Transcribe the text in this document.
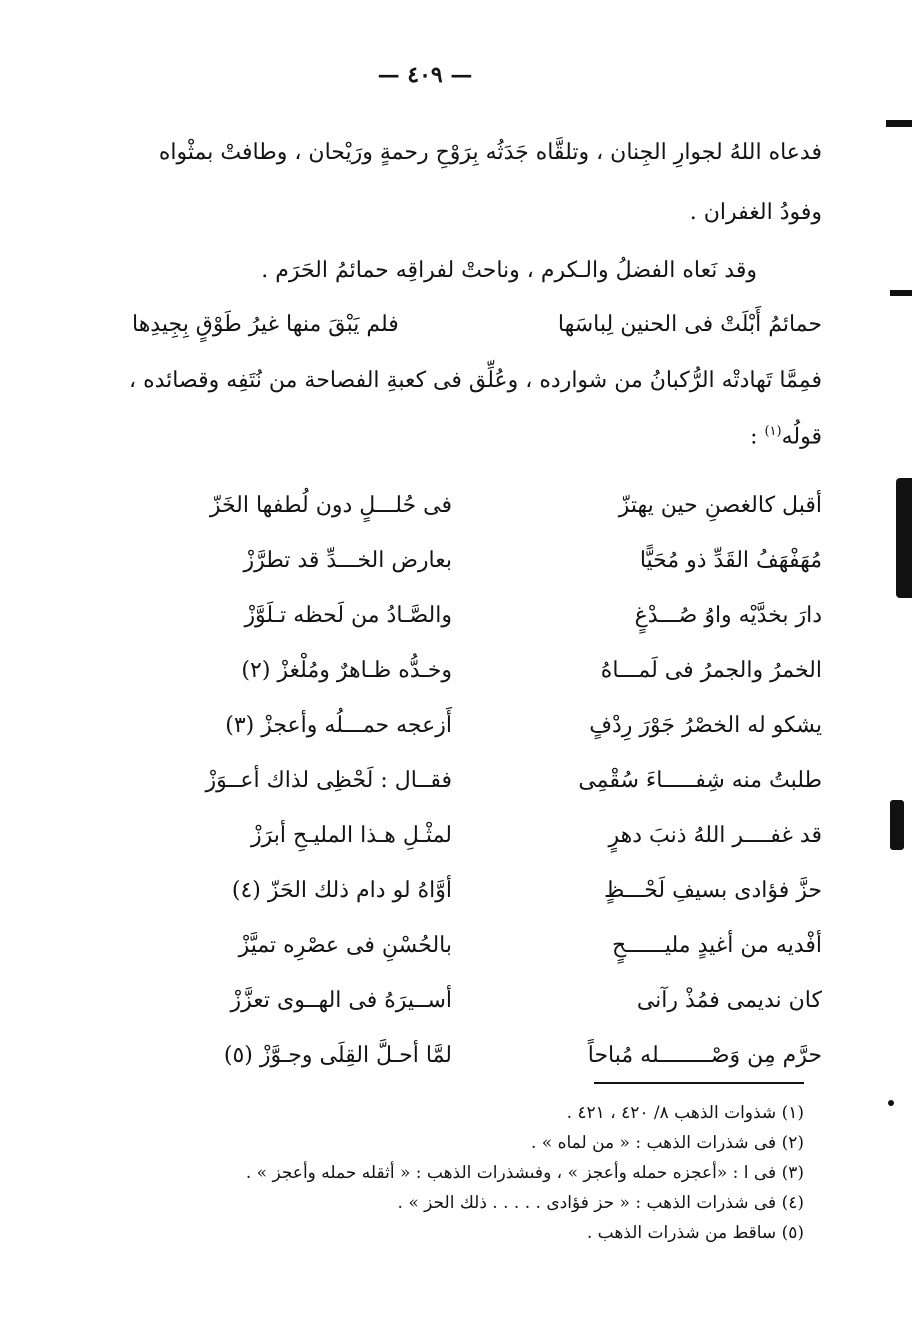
— ٤٠٩ —
فدعاه اللهُ لجوارِ الجِنان ، وتلقَّاه جَدَثُه بِرَوْحِ رحمةٍ ورَيْحان ، وطافتْ بمثْواه
وفودُ الغفران .
وقد نَعاه الفضلُ والـكرم ، وناحتْ لفراقِه حمائمُ الحَرَم .
حمائمُ أَبْلَتْ فى الحنين لِباسَها
فلم يَبْقَ منها غيرُ طَوْقٍ بِجِيدِها
فمِمَّا تَهادتْه الرُّكبانُ من شوارده ، وعُلِّق فى كعبةِ الفصاحة من نُتَفِه وقصائده ،
قولُه$^{(١)}$ :
أقبل كالغصنِ حين يهتزّ
فى حُلـــلٍ دون لُطفها الخَزّ
مُهَفْهَفُ القَدِّ ذو مُحَيًّا
بعارض الخـــدِّ قد تطرَّزْ
دارَ بخدَّيْه واوُ صُـــدْغٍ
والصَّـادُ من لَحظه تـلَوَّزْ
الخمرُ والجمرُ فى لَمـــاهُ
وخـدُّه ظـاهرٌ ومُلْغزْ (٢)
يشكو له الخصْرُ جَوْرَ رِدْفٍ
أَزعجه حمـــلُه وأعجزْ (٣)
طلبتُ منه شِفـــــاءَ سُقْمِى
فقــال : لَحْظِى لذاك أعــوَزْ
قد غفــــر اللهُ ذنبَ دهرٍ
لمثْـلِ هـذا المليـحِ أبرَزْ
حزَّ فؤادى بسيفِ لَحْـــظٍ
أوَّاهُ لو دام ذلك الحَزّ (٤)
أفْديه من أغيدٍ مليــــــحٍ
بالحُسْنِ فى عصْرِه تميَّزْ
كان نديمى فمُذْ رآنى
أســيرَهُ فى الهــوى تعزَّزْ
حرَّم مِن وَصْــــــــله مُباحاً
لمَّا أحـلَّ القِلَى وجـوَّزْ (٥)
(١) شذوات الذهب ٨/ ٤٢٠ ، ٤٢١ .
(٢) فى شذرات الذهب : « من لماه » .
(٣) فى ا : «أعجزه حمله وأعجز » ، وفىشذرات الذهب : « أثقله حمله وأعجز » .
(٤) فى شذرات الذهب : « حز فؤادى . . . . . ذلك الحز » .
(٥) ساقط من شذرات الذهب .
